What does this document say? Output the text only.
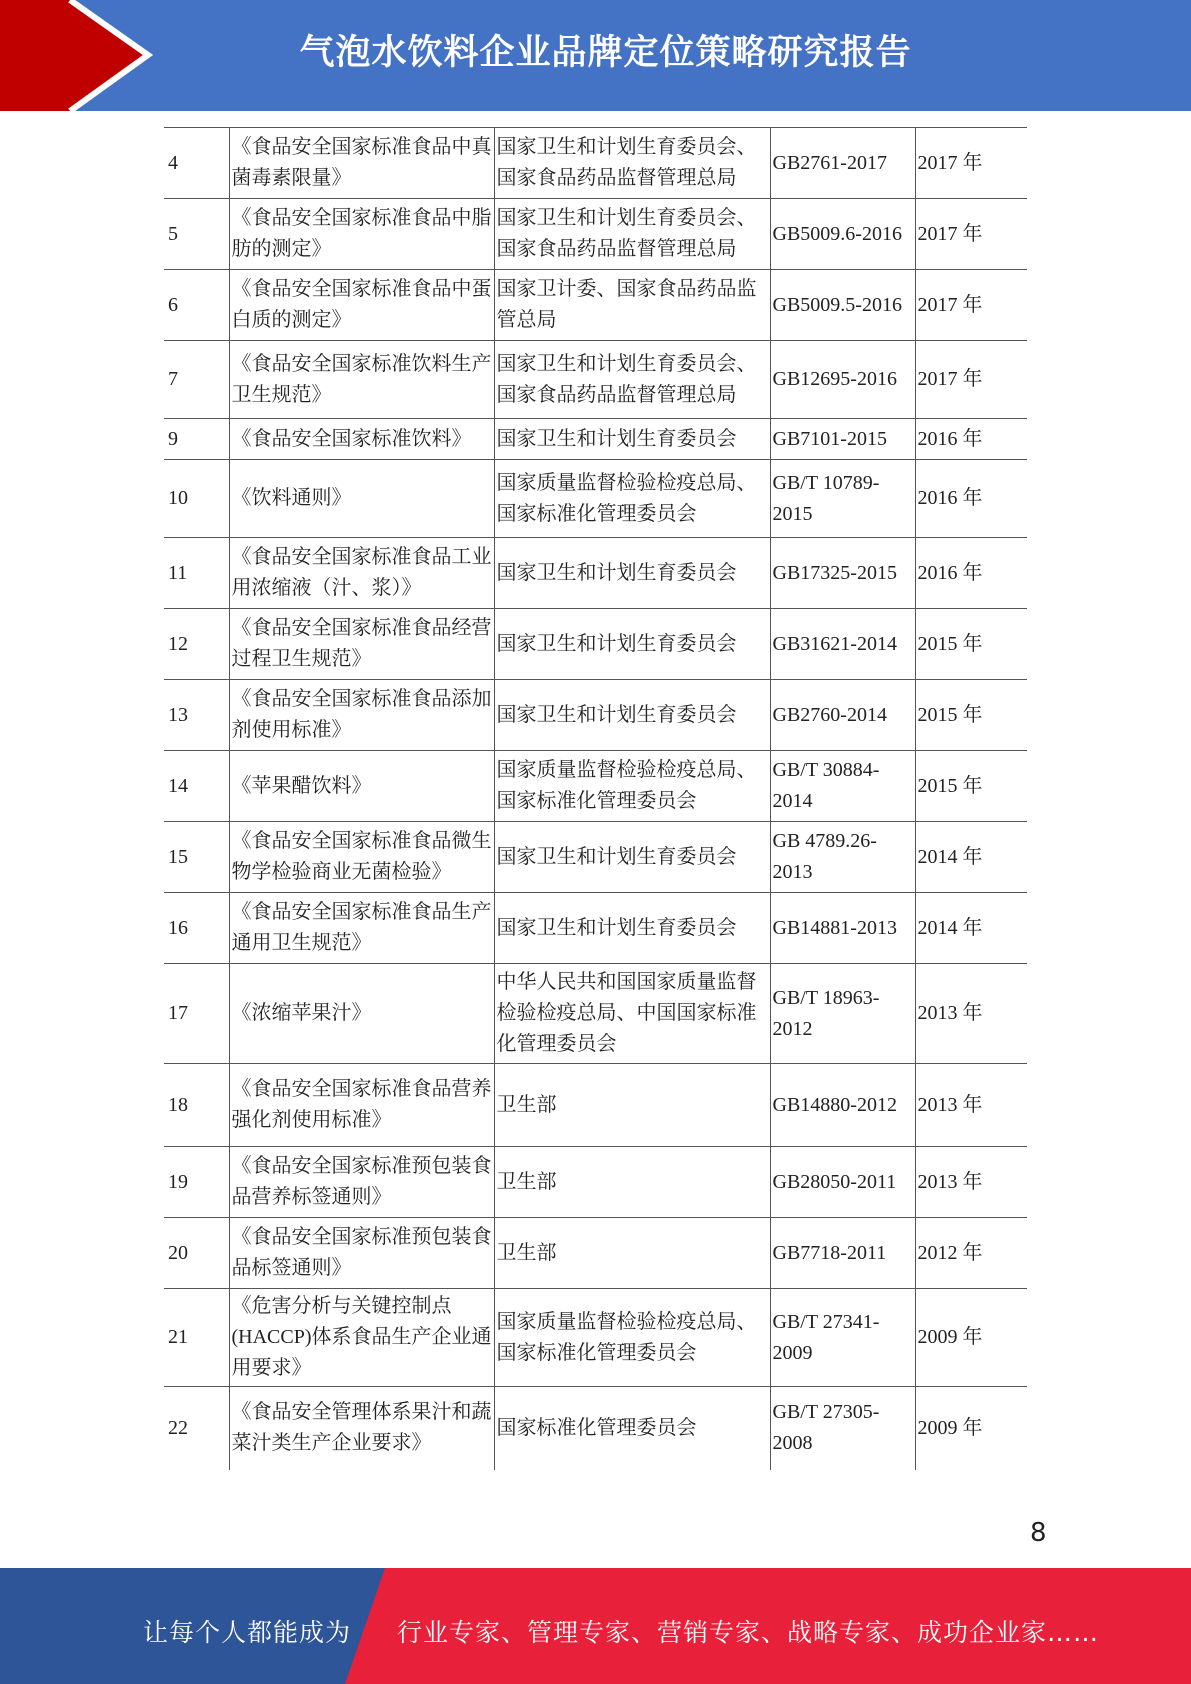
气泡水饮料企业品牌定位策略研究报告
4	《食品安全国家标准食品中真菌毒素限量》	国家卫生和计划生育委员会、国家食品药品监督管理总局	GB2761-2017	2017 年
5	《食品安全国家标准食品中脂肪的测定》	国家卫生和计划生育委员会、国家食品药品监督管理总局	GB5009.6-2016	2017 年
6	《食品安全国家标准食品中蛋白质的测定》	国家卫计委、国家食品药品监管总局	GB5009.5-2016	2017 年
7	《食品安全国家标准饮料生产卫生规范》	国家卫生和计划生育委员会、国家食品药品监督管理总局	GB12695-2016	2017 年
9	《食品安全国家标准饮料》	国家卫生和计划生育委员会	GB7101-2015	2016 年
10	《饮料通则》	国家质量监督检验检疫总局、国家标准化管理委员会	GB/T 10789-2015	2016 年
11	《食品安全国家标准食品工业用浓缩液（汁、浆）》	国家卫生和计划生育委员会	GB17325-2015	2016 年
12	《食品安全国家标准食品经营过程卫生规范》	国家卫生和计划生育委员会	GB31621-2014	2015 年
13	《食品安全国家标准食品添加剂使用标准》	国家卫生和计划生育委员会	GB2760-2014	2015 年
14	《苹果醋饮料》	国家质量监督检验检疫总局、国家标准化管理委员会	GB/T 30884-2014	2015 年
15	《食品安全国家标准食品微生物学检验商业无菌检验》	国家卫生和计划生育委员会	GB 4789.26-2013	2014 年
16	《食品安全国家标准食品生产通用卫生规范》	国家卫生和计划生育委员会	GB14881-2013	2014 年
17	《浓缩苹果汁》	中华人民共和国国家质量监督检验检疫总局、中国国家标准化管理委员会	GB/T 18963-2012	2013 年
18	《食品安全国家标准食品营养强化剂使用标准》	卫生部	GB14880-2012	2013 年
19	《食品安全国家标准预包装食品营养标签通则》	卫生部	GB28050-2011	2013 年
20	《食品安全国家标准预包装食品标签通则》	卫生部	GB7718-2011	2012 年
21	《危害分析与关键控制点(HACCP)体系食品生产企业通用要求》	国家质量监督检验检疫总局、国家标准化管理委员会	GB/T 27341-2009	2009 年
22	《食品安全管理体系果汁和蔬菜汁类生产企业要求》	国家标准化管理委员会	GB/T 27305-2008	2009 年
8
让每个人都能成为 行业专家、管理专家、营销专家、战略专家、成功企业家……
